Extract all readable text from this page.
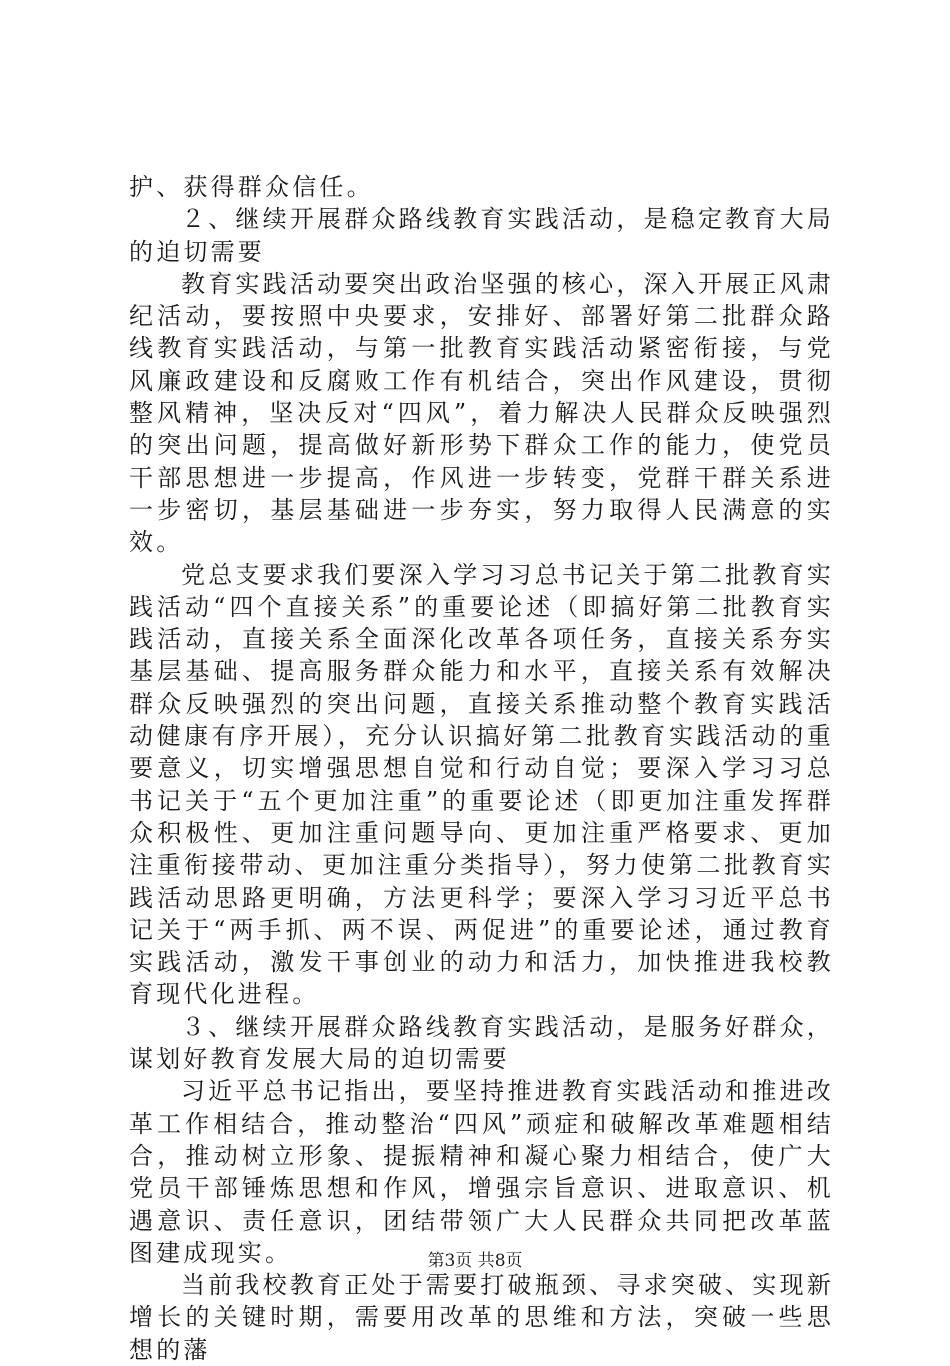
护、获得群众信任。

２、继续开展群众路线教育实践活动，是稳定教育大局的迫切需要

教育实践活动要突出政治坚强的核心，深入开展正风肃纪活动，要按照中央要求，安排好、部署好第二批群众路线教育实践活动，与第一批教育实践活动紧密衔接，与党风廉政建设和反腐败工作有机结合，突出作风建设，贯彻整风精神，坚决反对“四风”，着力解决人民群众反映强烈的突出问题，提高做好新形势下群众工作的能力，使党员干部思想进一步提高，作风进一步转变，党群干群关系进一步密切，基层基础进一步夯实，努力取得人民满意的实效。

党总支要求我们要深入学习习总书记关于第二批教育实践活动“四个直接关系”的重要论述（即搞好第二批教育实践活动，直接关系全面深化改革各项任务，直接关系夯实基层基础、提高服务群众能力和水平，直接关系有效解决群众反映强烈的突出问题，直接关系推动整个教育实践活动健康有序开展），充分认识搞好第二批教育实践活动的重要意义，切实增强思想自觉和行动自觉；要深入学习习总书记关于“五个更加注重”的重要论述（即更加注重发挥群众积极性、更加注重问题导向、更加注重严格要求、更加注重衔接带动、更加注重分类指导），努力使第二批教育实践活动思路更明确，方法更科学；要深入学习习近平总书记关于“两手抓、两不误、两促进”的重要论述，通过教育实践活动，激发干事创业的动力和活力，加快推进我校教育现代化进程。

３、继续开展群众路线教育实践活动，是服务好群众，谋划好教育发展大局的迫切需要

习近平总书记指出，要坚持推进教育实践活动和推进改革工作相结合，推动整治“四风”顽症和破解改革难题相结合，推动树立形象、提振精神和凝心聚力相结合，使广大党员干部锤炼思想和作风，增强宗旨意识、进取意识、机遇意识、责任意识，团结带领广大人民群众共同把改革蓝图建成现实。

当前我校教育正处于需要打破瓶颈、寻求突破、实现新增长的关键时期，需要用改革的思维和方法，突破一些思想的藩

第3页 共8页
